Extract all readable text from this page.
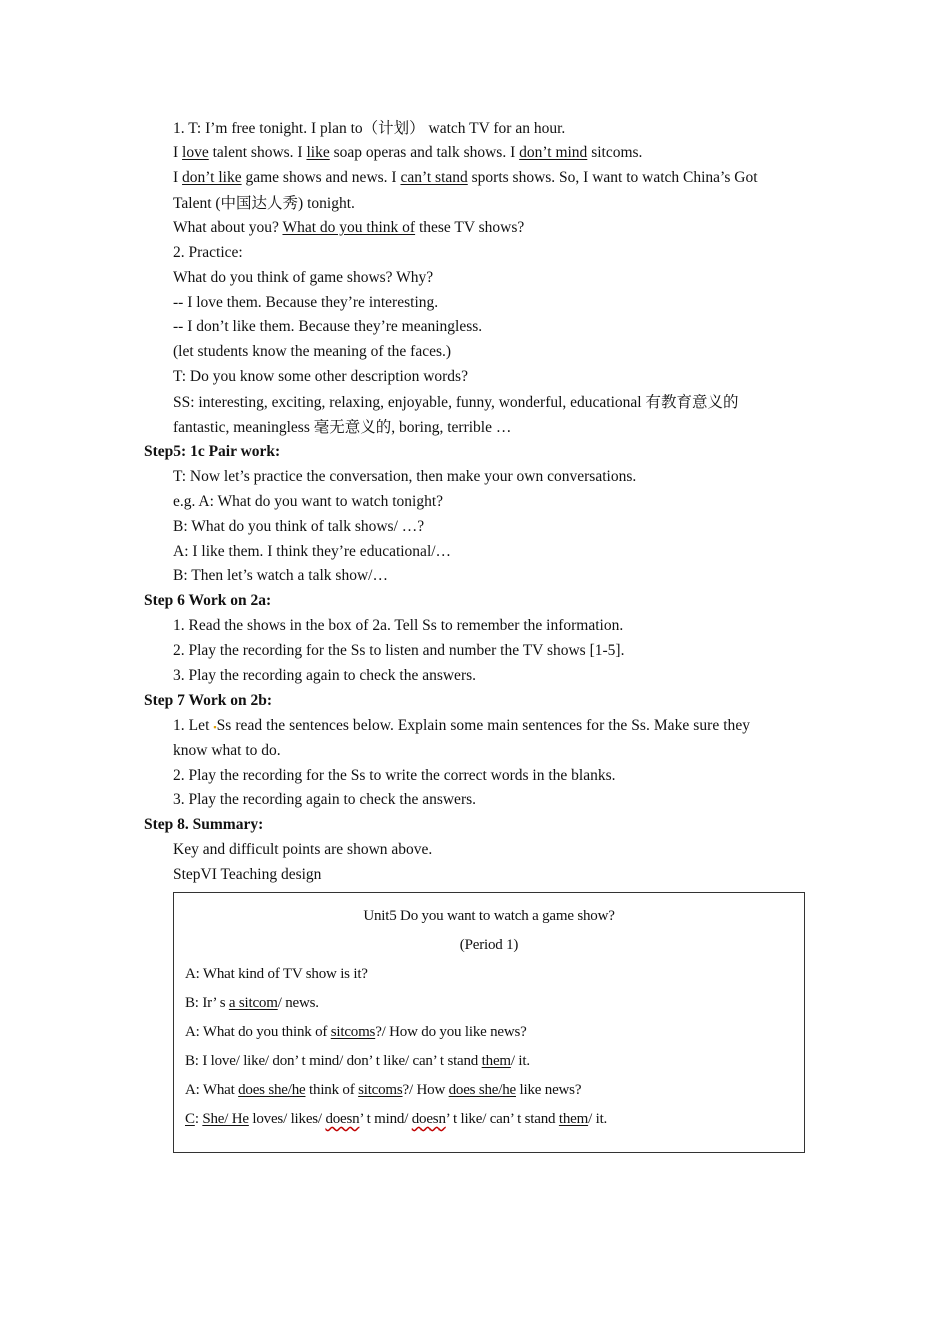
1. T: I’m free tonight. I plan to（计划） watch TV for an hour.
I love talent shows. I like soap operas and talk shows. I don’t mind sitcoms.
I don’t like game shows and news. I can’t stand sports shows. So, I want to watch China’s Got
Talent (中国达人秀) tonight.
What about you? What do you think of these TV shows?
2. Practice:
What do you think of game shows? Why?
-- I love them. Because they’re interesting.
-- I don’t like them. Because they’re meaningless.
(let students know the meaning of the faces.)
T: Do you know some other description words?
SS: interesting, exciting, relaxing, enjoyable, funny, wonderful, educational 有教育意义的
fantastic, meaningless 毫无意义的, boring, terrible …
Step5: 1c Pair work:
T: Now let’s practice the conversation, then make your own conversations.
e.g. A: What do you want to watch tonight?
B: What do you think of talk shows/ …?
A: I like them. I think they’re educational/…
B: Then let’s watch a talk show/…
Step 6 Work on 2a:
1. Read the shows in the box of 2a. Tell Ss to remember the information.
2. Play the recording for the Ss to listen and number the TV shows [1-5].
3. Play the recording again to check the answers.
Step 7 Work on 2b:
1. Let ▪Ss read the sentences below. Explain some main sentences for the Ss. Make sure they
know what to do.
2. Play the recording for the Ss to write the correct words in the blanks.
3. Play the recording again to check the answers.
Step 8. Summary:
Key and difficult points are shown above.
StepVI Teaching design
Unit5 Do you want to watch a game show?
(Period 1)
A: What kind of TV show is it?
B: Ir’ s a sitcom/ news.
A: What do you think of sitcoms?/ How do you like news?
B: I love/ like/ don’ t mind/ don’ t like/ can’ t stand them/ it.
A: What does she/he think of sitcoms?/ How does she/he like news?
C: She/ He loves/ likes/ doesn’ t mind/ doesn’ t like/ can’ t stand them/ it.
